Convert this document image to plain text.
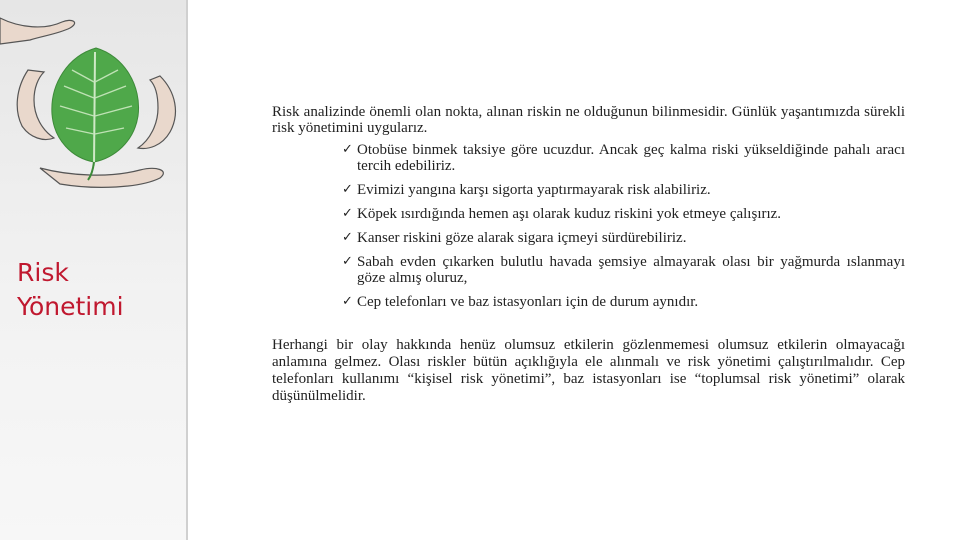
Risk
Yönetimi

Risk analizinde önemli olan nokta, alınan riskin ne olduğunun bilinmesidir. Günlük yaşantımızda sürekli risk yönetimini uygularız.

✓ Otobüse binmek taksiye göre ucuzdur. Ancak geç kalma riski yükseldiğinde pahalı aracı tercih edebiliriz.
✓ Evimizi yangına karşı sigorta yaptırmayarak risk alabiliriz.
✓ Köpek ısırdığında hemen aşı olarak kuduz riskini yok etmeye çalışırız.
✓ Kanser riskini göze alarak sigara içmeyi sürdürebiliriz.
✓ Sabah evden çıkarken bulutlu havada şemsiye almayarak olası bir yağmurda ıslanmayı göze almış oluruz,
✓ Cep telefonları ve baz istasyonları için de durum aynıdır.

Herhangi bir olay hakkında henüz olumsuz etkilerin gözlenmemesi olumsuz etkilerin olmayacağı anlamına gelmez. Olası riskler bütün açıklığıyla ele alınmalı ve risk yönetimi çalıştırılmalıdır. Cep telefonları kullanımı “kişisel risk yönetimi”, baz istasyonları ise “toplumsal risk yönetimi” olarak düşünülmelidir.
